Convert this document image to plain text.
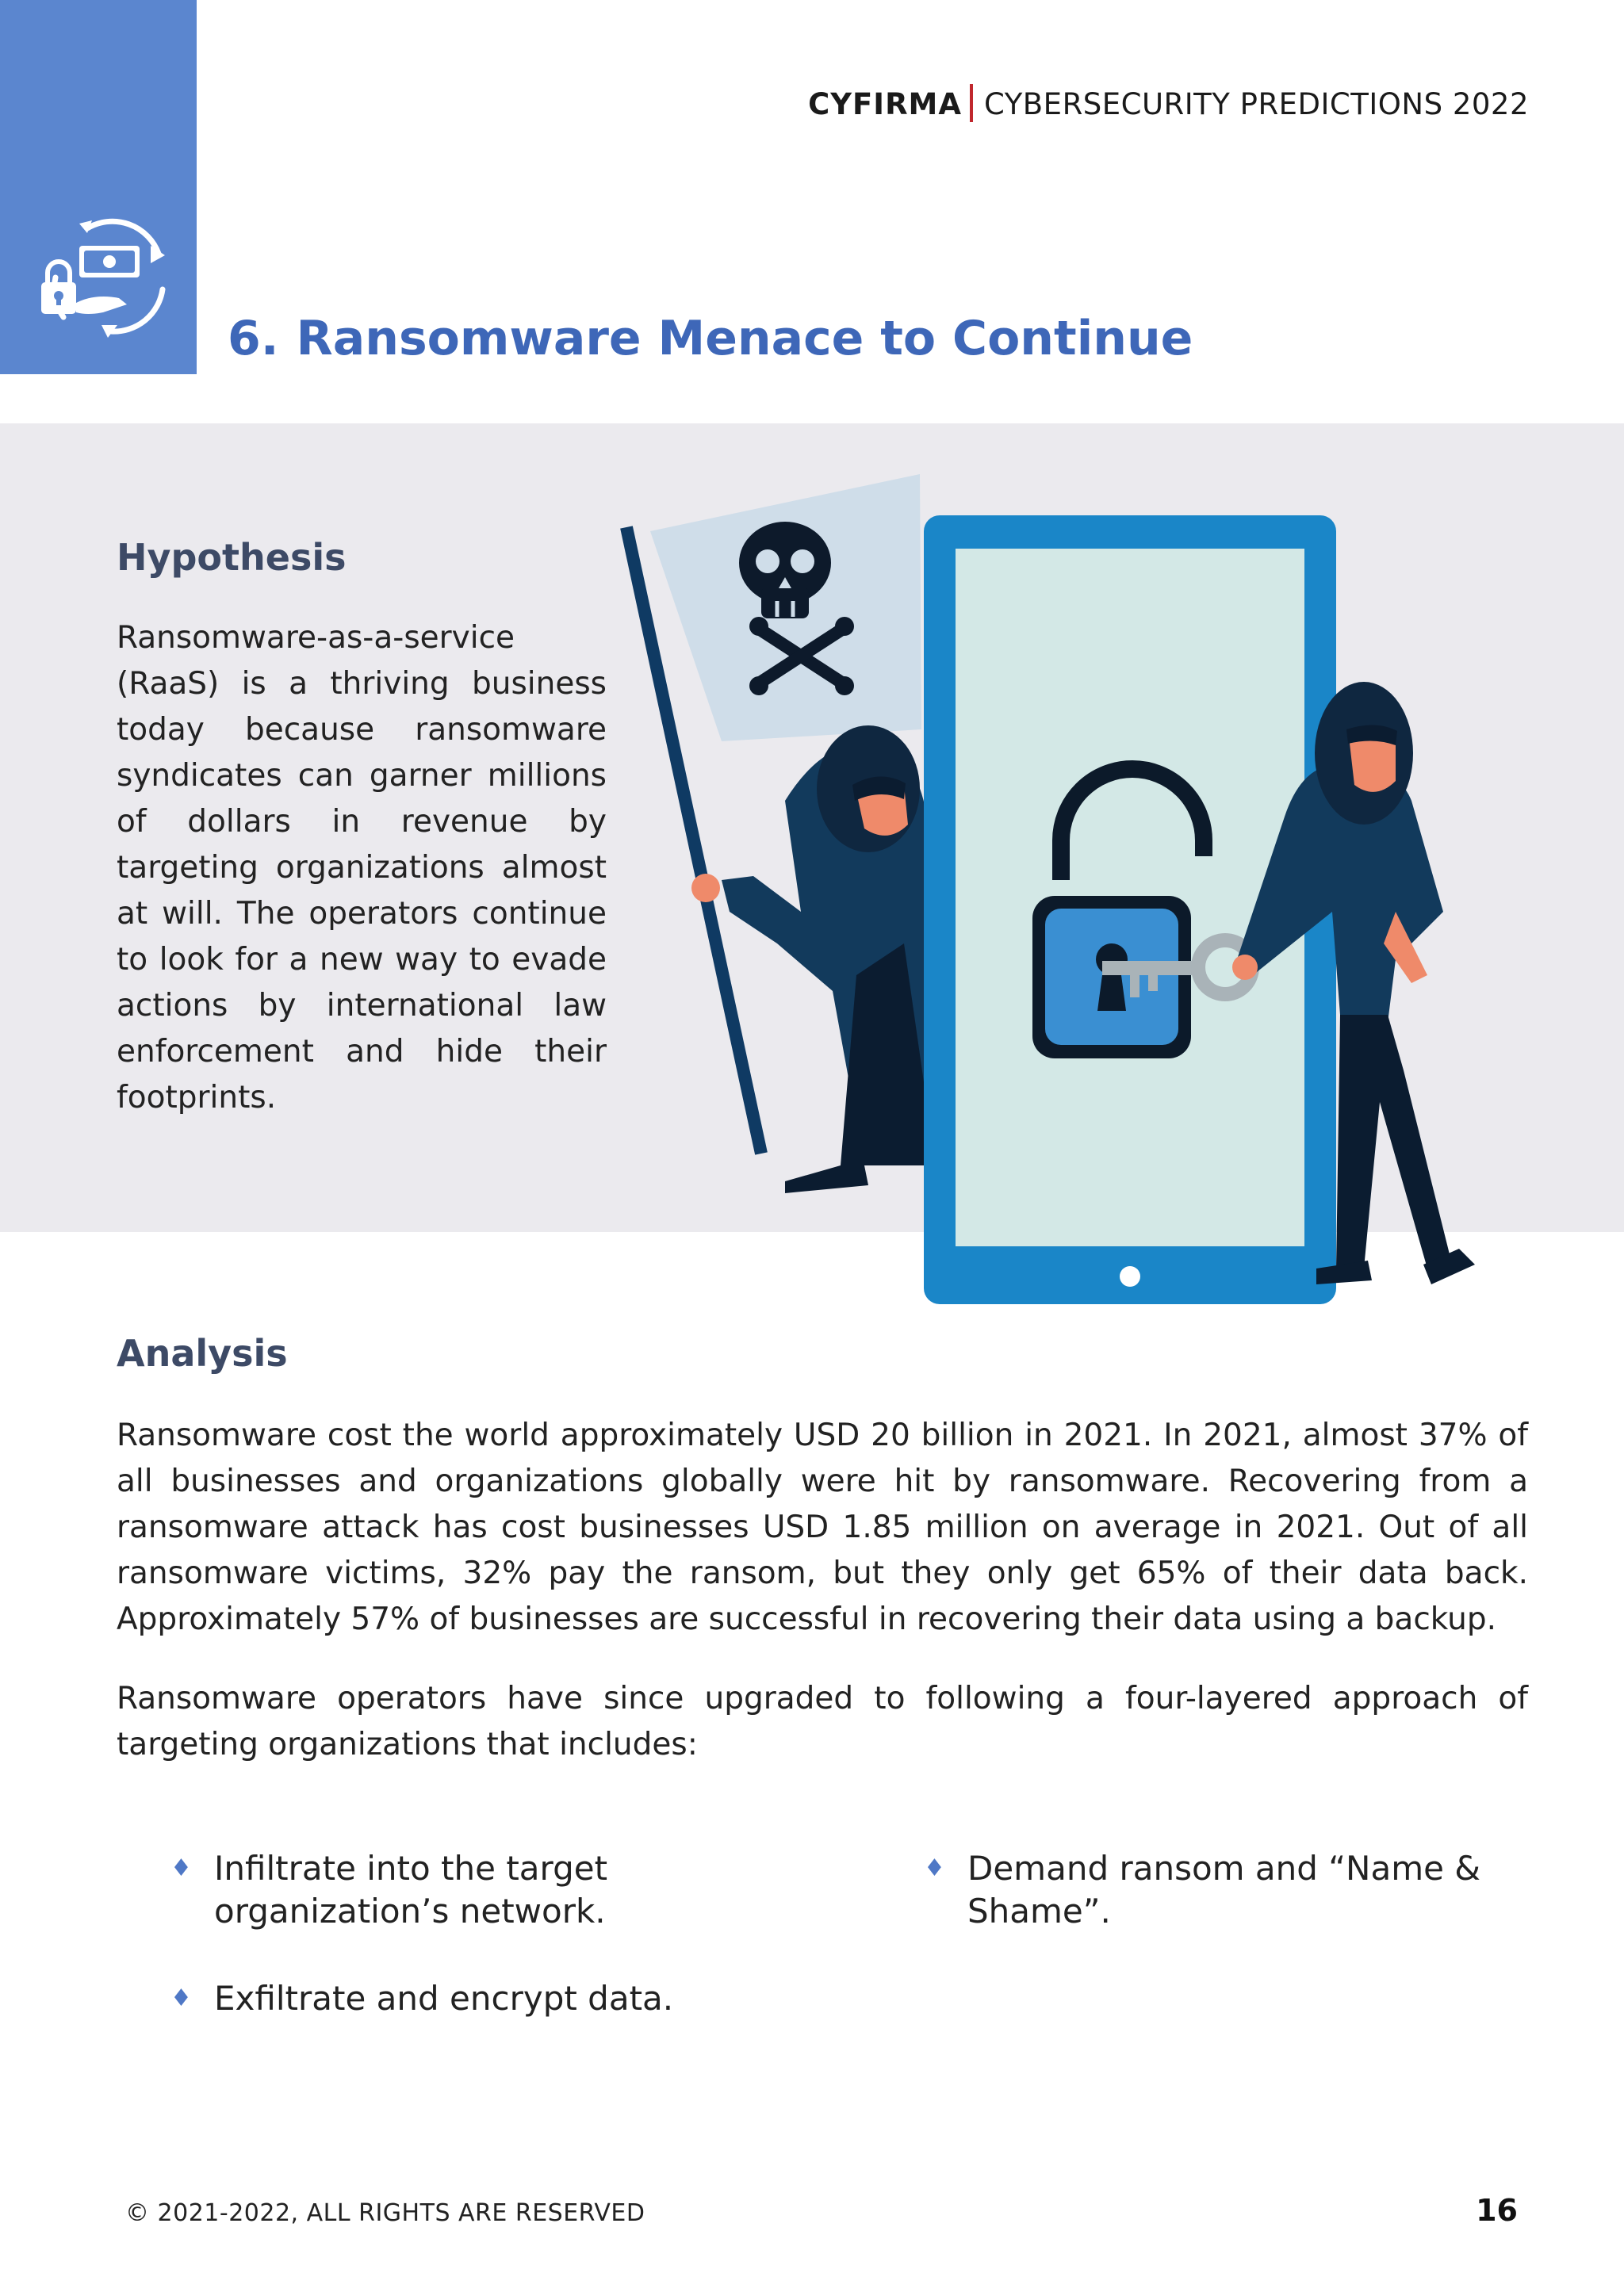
CYFIRMA CYBERSECURITY PREDICTIONS 2022
6. Ransomware Menace to Continue
Hypothesis
Ransomware-as-a-service (RaaS) is a thriving business today because ransomware syndicates can garner millions of dollars in revenue by targeting organizations almost at will. The operators continue to look for a new way to evade actions by international law enforcement and hide their footprints.
Analysis
Ransomware cost the world approximately USD 20 billion in 2021. In 2021, almost 37% of all businesses and organizations globally were hit by ransomware. Recovering from a ransomware attack has cost businesses USD 1.85 million on average in 2021. Out of all ransomware victims, 32% pay the ransom, but they only get 65% of their data back. Approximately 57% of businesses are successful in recovering their data using a backup.
Ransomware operators have since upgraded to following a four-layered approach of targeting organizations that includes:
♦ Infiltrate into the target organization’s network.
♦ Exfiltrate and encrypt data.
♦ Demand ransom and “Name & Shame”.
© 2021-2022, ALL RIGHTS ARE RESERVED	16
